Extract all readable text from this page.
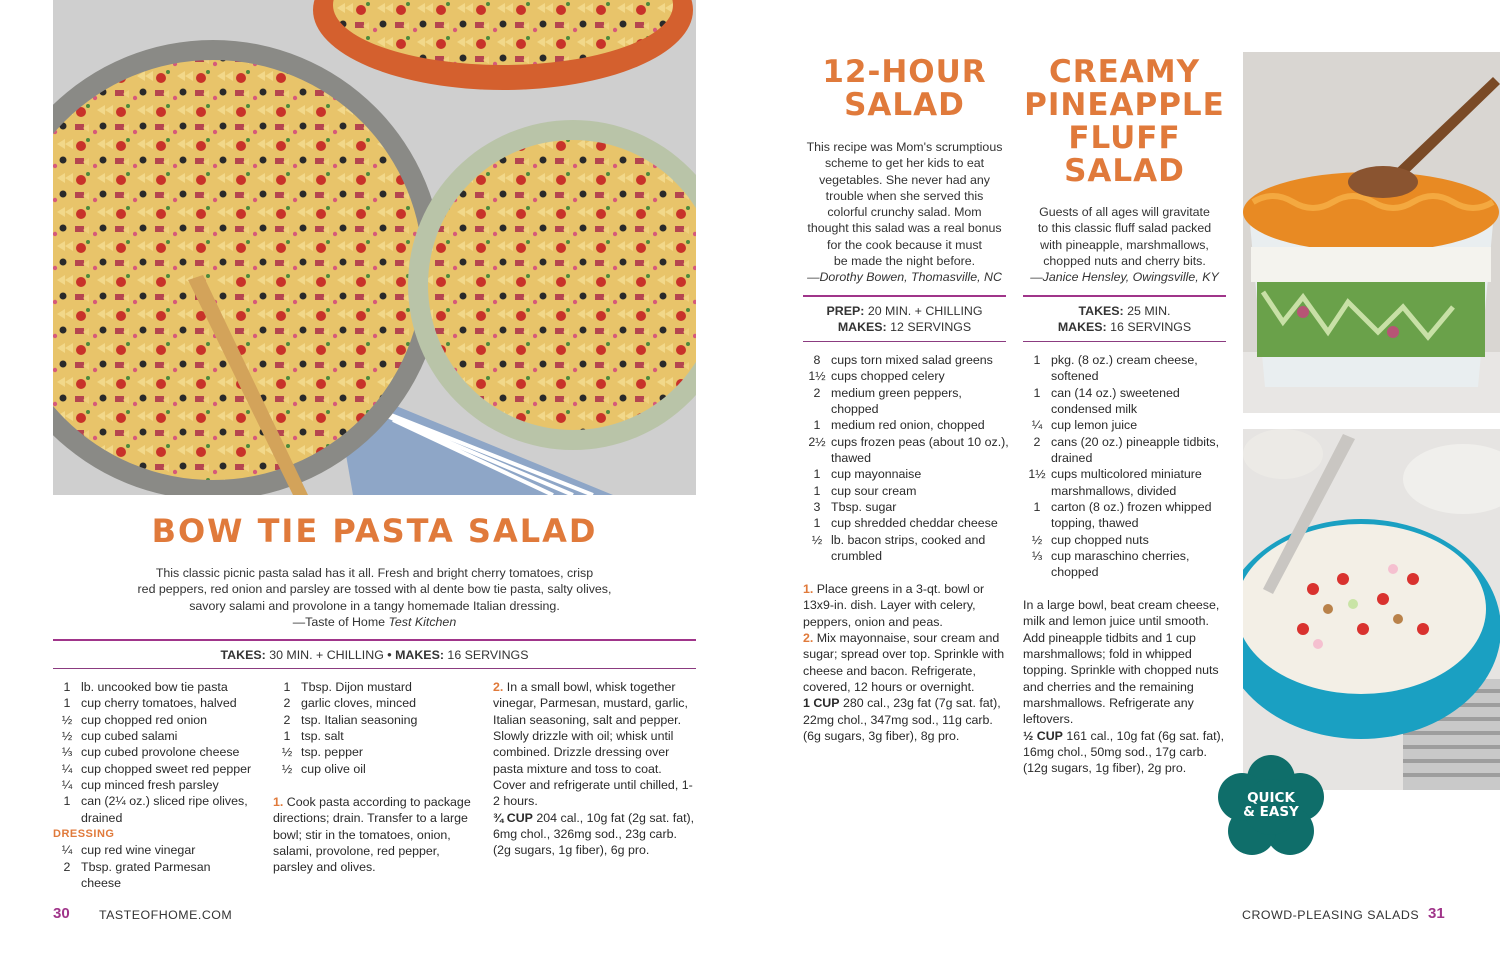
BOW TIE PASTA SALAD
This classic picnic pasta salad has it all. Fresh and bright cherry tomatoes, crisp
red peppers, red onion and parsley are tossed with al dente bow tie pasta, salty olives,
savory salami and provolone in a tangy homemade Italian dressing.
—Taste of Home Test Kitchen
TAKES: 30 MIN. + CHILLING • MAKES: 16 SERVINGS
1 lb. uncooked bow tie pasta
1 cup cherry tomatoes, halved
½ cup chopped red onion
½ cup cubed salami
⅓ cup cubed provolone cheese
¼ cup chopped sweet red pepper
¼ cup minced fresh parsley
1 can (2¼ oz.) sliced ripe olives,
drained
DRESSING
¼ cup red wine vinegar
2 Tbsp. grated Parmesan
cheese
1 Tbsp. Dijon mustard
2 garlic cloves, minced
2 tsp. Italian seasoning
1 tsp. salt
½ tsp. pepper
½ cup olive oil
1. Cook pasta according to package directions; drain. Transfer to a large bowl; stir in the tomatoes, onion, salami, provolone, red pepper, parsley and olives.
2. In a small bowl, whisk together vinegar, Parmesan, mustard, garlic, Italian seasoning, salt and pepper. Slowly drizzle with oil; whisk until combined. Drizzle dressing over pasta mixture and toss to coat. Cover and refrigerate until chilled, 1-2 hours.
¾ CUP 204 cal., 10g fat (2g sat. fat), 6mg chol., 326mg sod., 23g carb. (2g sugars, 1g fiber), 6g pro.
30 TASTEOFHOME.COM
12-HOUR
SALAD
This recipe was Mom's scrumptious
scheme to get her kids to eat
vegetables. She never had any
trouble when she served this
colorful crunchy salad. Mom
thought this salad was a real bonus
for the cook because it must
be made the night before.
—Dorothy Bowen, Thomasville, NC
PREP: 20 MIN. + CHILLING
MAKES: 12 SERVINGS
8 cups torn mixed salad greens
1½ cups chopped celery
2 medium green peppers,
chopped
1 medium red onion, chopped
2½ cups frozen peas (about 10 oz.),
thawed
1 cup mayonnaise
1 cup sour cream
3 Tbsp. sugar
1 cup shredded cheddar cheese
½ lb. bacon strips, cooked and
crumbled
1. Place greens in a 3-qt. bowl or 13x9-in. dish. Layer with celery, peppers, onion and peas.
2. Mix mayonnaise, sour cream and sugar; spread over top. Sprinkle with cheese and bacon. Refrigerate, covered, 12 hours or overnight.
1 CUP 280 cal., 23g fat (7g sat. fat), 22mg chol., 347mg sod., 11g carb. (6g sugars, 3g fiber), 8g pro.
CREAMY
PINEAPPLE
FLUFF
SALAD
Guests of all ages will gravitate
to this classic fluff salad packed
with pineapple, marshmallows,
chopped nuts and cherry bits.
—Janice Hensley, Owingsville, KY
TAKES: 25 MIN.
MAKES: 16 SERVINGS
1 pkg. (8 oz.) cream cheese,
softened
1 can (14 oz.) sweetened
condensed milk
¼ cup lemon juice
2 cans (20 oz.) pineapple tidbits,
drained
1½ cups multicolored miniature
marshmallows, divided
1 carton (8 oz.) frozen whipped
topping, thawed
½ cup chopped nuts
⅓ cup maraschino cherries,
chopped
In a large bowl, beat cream cheese, milk and lemon juice until smooth. Add pineapple tidbits and 1 cup marshmallows; fold in whipped topping. Sprinkle with chopped nuts and cherries and the remaining marshmallows. Refrigerate any leftovers.
½ CUP 161 cal., 10g fat (6g sat. fat), 16mg chol., 50mg sod., 17g carb. (12g sugars, 1g fiber), 2g pro.
QUICK
& EASY
CROWD-PLEASING SALADS 31
